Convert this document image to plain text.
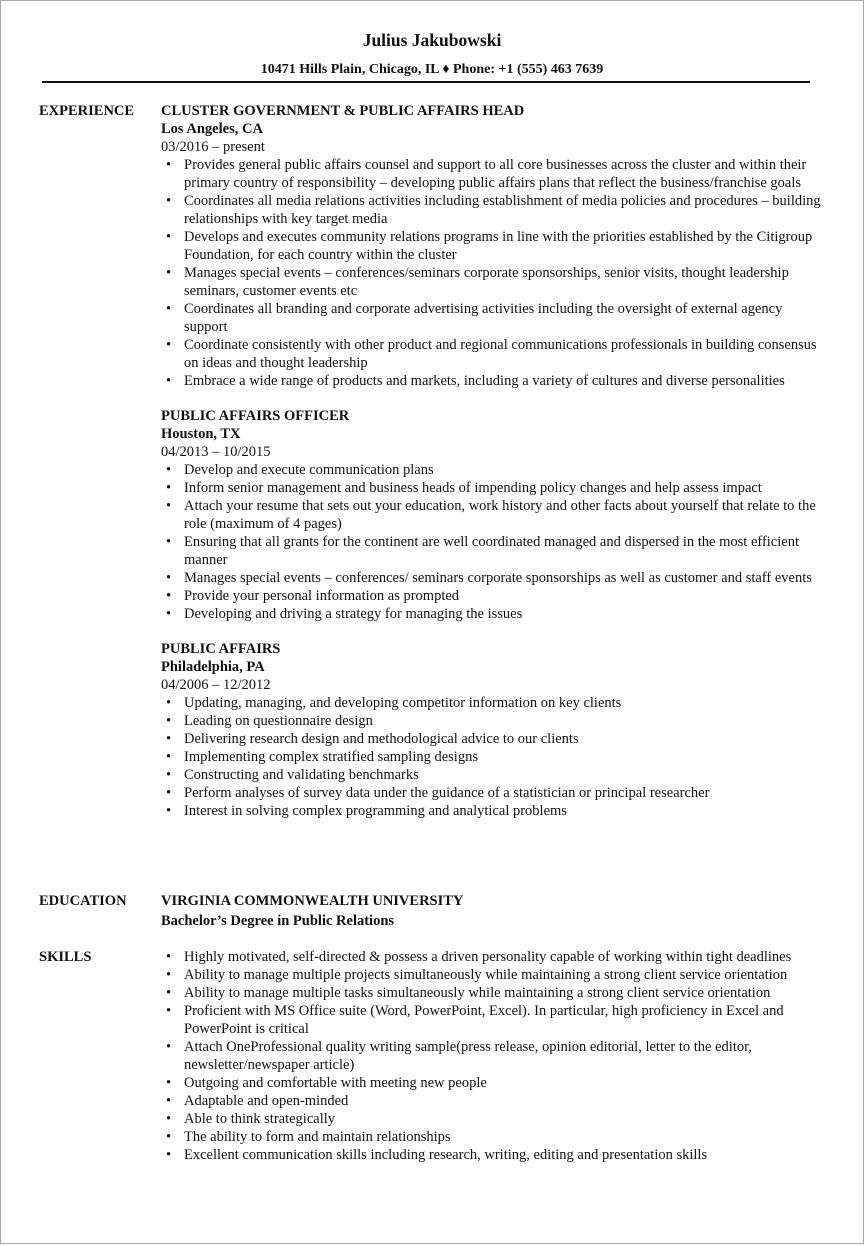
Julius Jakubowski
10471 Hills Plain, Chicago, IL ♦ Phone: +1 (555) 463 7639
EXPERIENCE CLUSTER GOVERNMENT & PUBLIC AFFAIRS HEAD
Los Angeles, CA
03/2016 – present
• Provides general public affairs counsel and support to all core businesses across the cluster and within their primary country of responsibility – developing public affairs plans that reflect the business/franchise goals
• Coordinates all media relations activities including establishment of media policies and procedures – building relationships with key target media
• Develops and executes community relations programs in line with the priorities established by the Citigroup Foundation, for each country within the cluster
• Manages special events – conferences/seminars corporate sponsorships, senior visits, thought leadership seminars, customer events etc
• Coordinates all branding and corporate advertising activities including the oversight of external agency support
• Coordinate consistently with other product and regional communications professionals in building consensus on ideas and thought leadership
• Embrace a wide range of products and markets, including a variety of cultures and diverse personalities
PUBLIC AFFAIRS OFFICER
Houston, TX
04/2013 – 10/2015
• Develop and execute communication plans
• Inform senior management and business heads of impending policy changes and help assess impact
• Attach your resume that sets out your education, work history and other facts about yourself that relate to the role (maximum of 4 pages)
• Ensuring that all grants for the continent are well coordinated managed and dispersed in the most efficient manner
• Manages special events – conferences/ seminars corporate sponsorships as well as customer and staff events
• Provide your personal information as prompted
• Developing and driving a strategy for managing the issues
PUBLIC AFFAIRS
Philadelphia, PA
04/2006 – 12/2012
• Updating, managing, and developing competitor information on key clients
• Leading on questionnaire design
• Delivering research design and methodological advice to our clients
• Implementing complex stratified sampling designs
• Constructing and validating benchmarks
• Perform analyses of survey data under the guidance of a statistician or principal researcher
• Interest in solving complex programming and analytical problems
EDUCATION VIRGINIA COMMONWEALTH UNIVERSITY
Bachelor’s Degree in Public Relations
SKILLS
•	Highly motivated, self-directed & possess a driven personality capable of working within tight deadlines
• Ability to manage multiple projects simultaneously while maintaining a strong client service orientation
• Ability to manage multiple tasks simultaneously while maintaining a strong client service orientation
• Proficient with MS Office suite (Word, PowerPoint, Excel). In particular, high proficiency in Excel and PowerPoint is critical
• Attach OneProfessional quality writing sample(press release, opinion editorial, letter to the editor, newsletter/newspaper article)
• Outgoing and comfortable with meeting new people
• Adaptable and open-minded
• Able to think strategically
• The ability to form and maintain relationships
• Excellent communication skills including research, writing, editing and presentation skills
